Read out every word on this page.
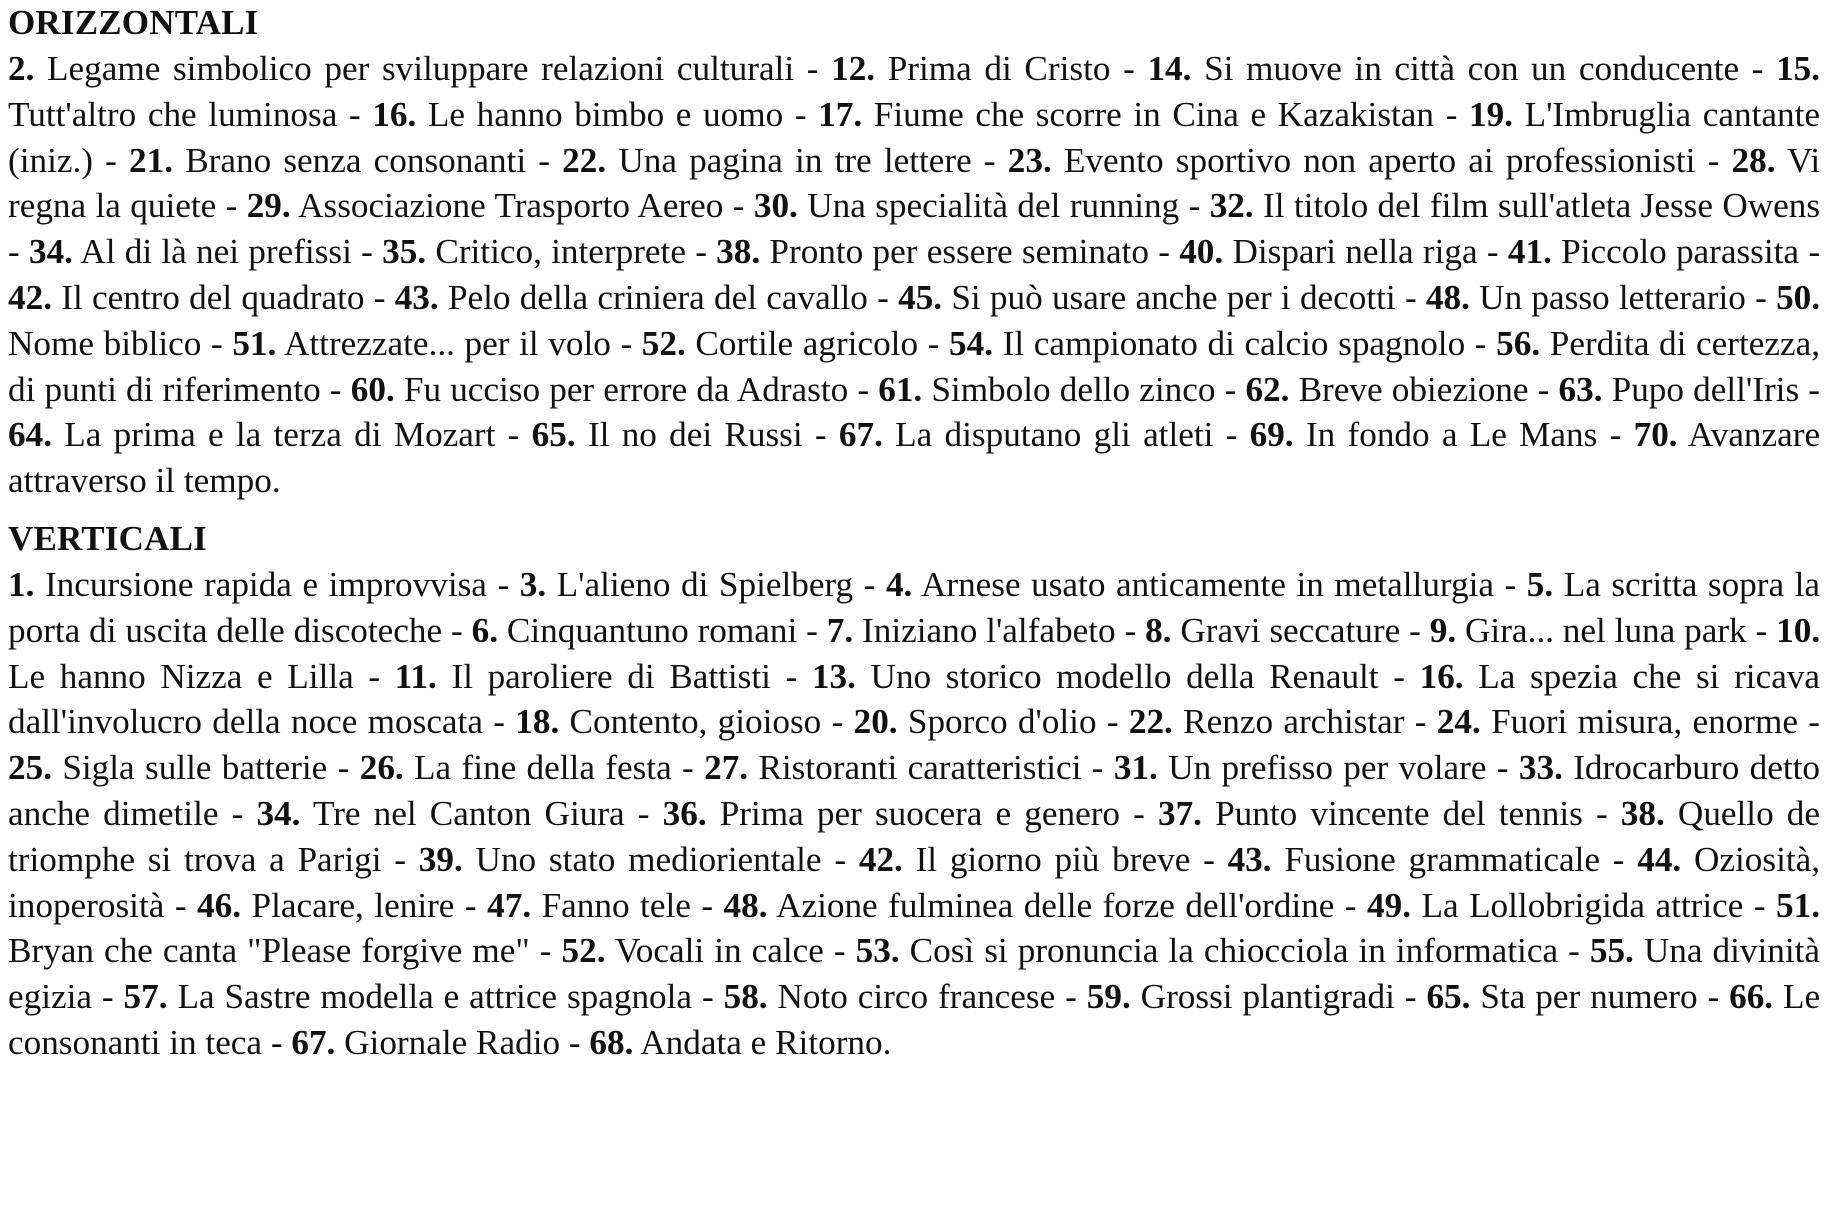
ORIZZONTALI

2. Legame simbolico per sviluppare relazioni culturali - 12. Prima di Cristo - 14. Si muove in città con un conducente - 15. Tutt'altro che luminosa - 16. Le hanno bimbo e uomo - 17. Fiume che scorre in Cina e Kazakistan - 19. L'Imbruglia cantante (iniz.) - 21. Brano senza consonanti - 22. Una pagina in tre lettere - 23. Evento sportivo non aperto ai professionisti - 28. Vi regna la quiete - 29. Associazione Trasporto Aereo - 30. Una specialità del running - 32. Il titolo del film sull'atleta Jesse Owens - 34. Al di là nei prefissi - 35. Critico, interprete - 38. Pronto per essere seminato - 40. Dispari nella riga - 41. Piccolo parassita - 42. Il centro del quadrato - 43. Pelo della criniera del cavallo - 45. Si può usare anche per i decotti - 48. Un passo letterario - 50. Nome biblico - 51. Attrezzate... per il volo - 52. Cortile agricolo - 54. Il campionato di calcio spagnolo - 56. Perdita di certezza, di punti di riferimento - 60. Fu ucciso per errore da Adrasto - 61. Simbolo dello zinco - 62. Breve obiezione - 63. Pupo dell'Iris - 64. La prima e la terza di Mozart - 65. Il no dei Russi - 67. La disputano gli atleti - 69. In fondo a Le Mans - 70. Avanzare attraverso il tempo.

VERTICALI

1. Incursione rapida e improvvisa - 3. L'alieno di Spielberg - 4. Arnese usato anticamente in metallurgia - 5. La scritta sopra la porta di uscita delle discoteche - 6. Cinquantuno romani - 7. Iniziano l'alfabeto - 8. Gravi seccature - 9. Gira... nel luna park - 10. Le hanno Nizza e Lilla - 11. Il paroliere di Battisti - 13. Uno storico modello della Renault - 16. La spezia che si ricava dall'involucro della noce moscata - 18. Contento, gioioso - 20. Sporco d'olio - 22. Renzo archistar - 24. Fuori misura, enorme - 25. Sigla sulle batterie - 26. La fine della festa - 27. Ristoranti caratteristici - 31. Un prefisso per volare - 33. Idrocarburo detto anche dimetile - 34. Tre nel Canton Giura - 36. Prima per suocera e genero - 37. Punto vincente del tennis - 38. Quello de triomphe si trova a Parigi - 39. Uno stato mediorientale - 42. Il giorno più breve - 43. Fusione grammaticale - 44. Oziosità, inoperosità - 46. Placare, lenire - 47. Fanno tele - 48. Azione fulminea delle forze dell'ordine - 49. La Lollobrigida attrice - 51. Bryan che canta "Please forgive me" - 52. Vocali in calce - 53. Così si pronuncia la chiocciola in informatica - 55. Una divinità egizia - 57. La Sastre modella e attrice spagnola - 58. Noto circo francese - 59. Grossi plantigradi - 65. Sta per numero - 66. Le consonanti in teca - 67. Giornale Radio - 68. Andata e Ritorno.
